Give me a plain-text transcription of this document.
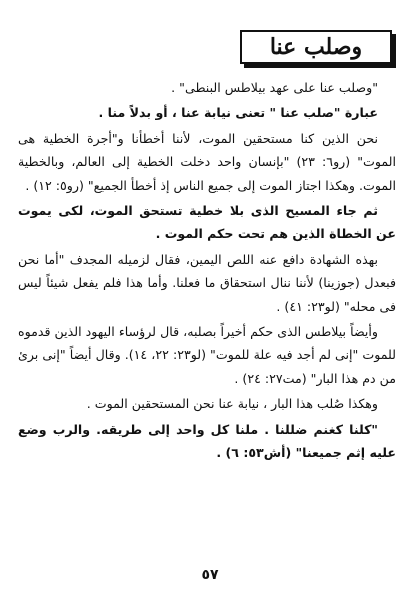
وصلب عنا

"وصلب عنا على عهد بيلاطس البنطى" .

عبارة "صلب عنا " تعنى نيابة عنا ، أو بدلاً منا .

نحن الذين كنا مستحقين الموت، لأننا أخطأنا و"أجرة الخطية هى الموت" (رو٦: ٢٣) "بإنسان واحد دخلت الخطية إلى العالم، وبالخطية الموت. وهكذا اجتاز الموت إلى جميع الناس إذ أخطأ الجميع" (رو٥: ١٢) .

ثم جاء المسيح الذى بلا خطية تستحق الموت، لكى يموت عن الخطاة الذين هم تحت حكم الموت .

بهذه الشهادة دافع عنه اللص اليمين، فقال لزميله المجدف "أما نحن فبعدل (جوزينا) لأننا ننال استحقاق ما فعلنا. وأما هذا فلم يفعل شيئاً ليس فى محله" (لو٢٣: ٤١) .

وأيضاً بيلاطس الذى حكم أخيراً بصلبه، قال لرؤساء اليهود الذين قدموه للموت "إنى لم أجد فيه علة للموت" (لو٢٣: ٢٢، ١٤). وقال أيضاً "إنى برئ من دم هذا البار" (مت٢٧: ٢٤) .

وهكذا صُلب هذا البار ، نيابة عنا نحن المستحقين الموت .

"كلنا كغنم ضللنا . ملنا كل واحد إلى طريقه. والرب وضع عليه إثم جميعنا" (أش٥٣: ٦) .

٥٧
